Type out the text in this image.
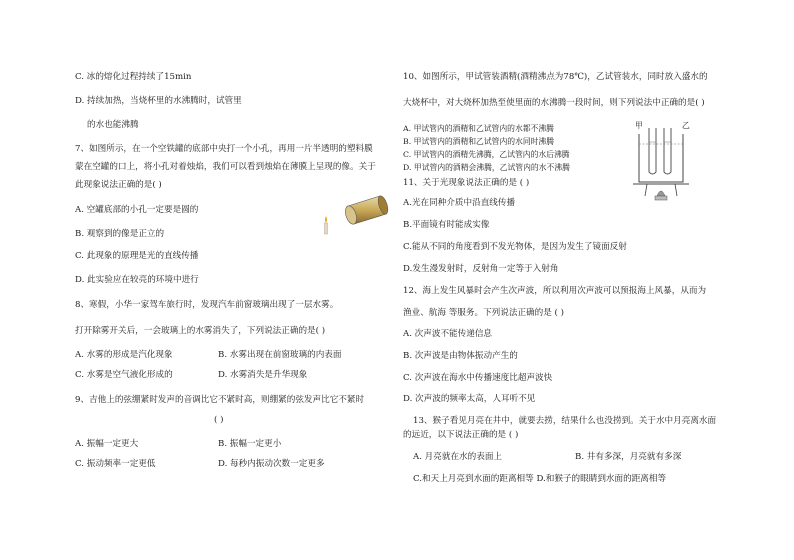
C. 冰的熔化过程持续了15min
D. 持续加热，当烧杯里的水沸腾时，试管里
的水也能沸腾
7、如图所示，在一个空铁罐的底部中央打一个小孔，再用一片半透明的塑料膜
蒙在空罐的口上，将小孔对着烛焰，我们可以看到烛焰在薄膜上呈现的像。关于
此现象说法正确的是( )
A. 空罐底部的小孔一定要是圆的
B. 观察到的像是正立的
C. 此现象的原理是光的直线传播
D. 此实验应在较亮的环境中进行
8、寒假，小华一家驾车旅行时，发现汽车前窗玻璃出现了一层水雾。
打开除雾开关后，一会玻璃上的水雾消失了，下列说法正确的是( )
A. 水雾的形成是汽化现象	B. 水雾出现在前窗玻璃的内表面
C. 水雾是空气液化形成的	D. 水雾消失是升华现象
9、吉他上的弦绷紧时发声的音调比它不紧时高，则绷紧的弦发声比它不紧时
( )
A. 振幅一定更大	B. 振幅一定更小
C. 振动频率一定更低	D. 每秒内振动次数一定更多
10、如图所示，甲试管装酒精(酒精沸点为78℃)，乙试管装水，同时放入盛水的
大烧杯中，对大烧杯加热至使里面的水沸腾一段时间，则下列说法中正确的是( )
A. 甲试管内的酒精和乙试管内的水都不沸腾
B. 甲试管内的酒精和乙试管内的水同时沸腾
C. 甲试管内的酒精先沸腾，乙试管内的水后沸腾
D. 甲试管内的酒精会沸腾，乙试管内的水不沸腾
甲	乙
11、关于光现象说法正确的是 ( )
A.光在同种介质中沿直线传播
B.平面镜有时能成实像
C.能从不同的角度看到不发光物体，是因为发生了镜面反射
D.发生漫发射时，反射角一定等于入射角
12、海上发生风暴时会产生次声波，所以利用次声波可以预报海上风暴，从而为
渔业、航海 等服务。下列说法正确的是 ( )
A. 次声波不能传递信息
B. 次声波是由物体振动产生的
C. 次声波在海水中传播速度比超声波快
D. 次声波的频率太高，人耳听不见
13、猴子看见月亮在井中，就要去捞，结果什么也没捞到。关于水中月亮离水面
的远近，以下说法正确的是 ( )
A. 月亮就在水的表面上	B. 井有多深，月亮就有多深
C.和天上月亮到水面的距离相等 D.和猴子的眼睛到水面的距离相等
